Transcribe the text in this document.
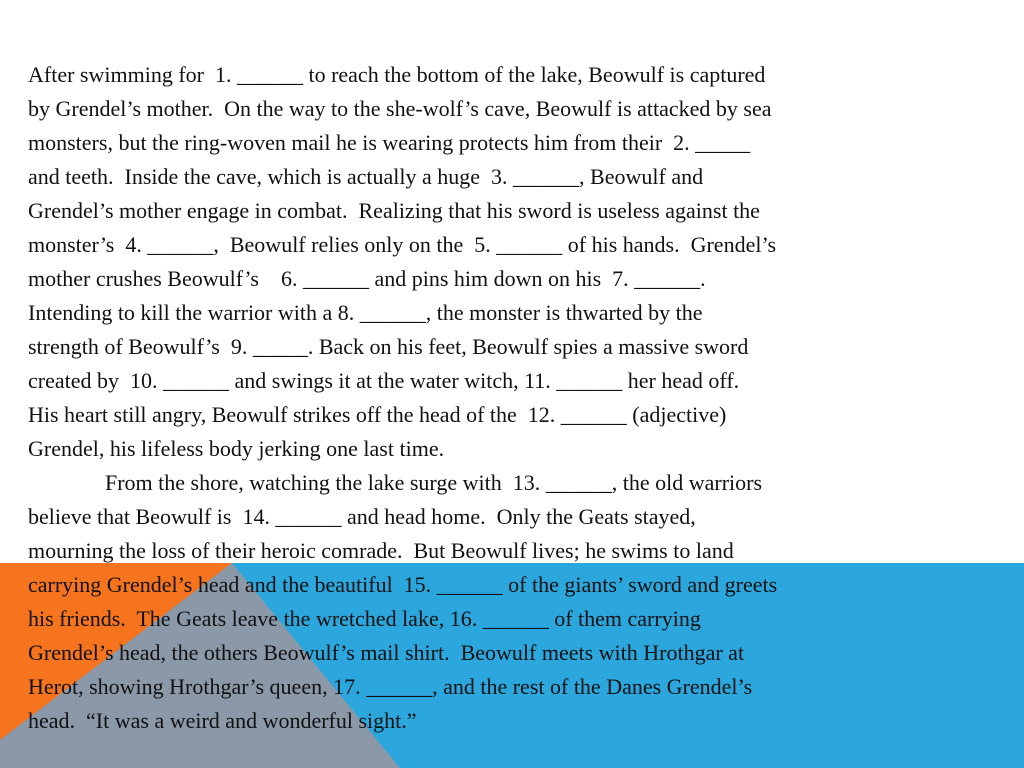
After swimming for  1. ______ to reach the bottom of the lake, Beowulf is captured
by Grendel’s mother.  On the way to the she-wolf’s cave, Beowulf is attacked by sea
monsters, but the ring-woven mail he is wearing protects him from their  2. _____
and teeth.  Inside the cave, which is actually a huge  3. ______, Beowulf and
Grendel’s mother engage in combat.  Realizing that his sword is useless against the
monster’s  4. ______,  Beowulf relies only on the  5. ______ of his hands.  Grendel’s
mother crushes Beowulf’s    6. ______ and pins him down on his  7. ______.
Intending to kill the warrior with a 8. ______, the monster is thwarted by the
strength of Beowulf’s  9. _____. Back on his feet, Beowulf spies a massive sword
created by  10. ______ and swings it at the water witch, 11. ______ her head off.
His heart still angry, Beowulf strikes off the head of the  12. ______ (adjective)
Grendel, his lifeless body jerking one last time.
From the shore, watching the lake surge with  13. ______, the old warriors
believe that Beowulf is  14. ______ and head home.  Only the Geats stayed,
mourning the loss of their heroic comrade.  But Beowulf lives; he swims to land
carrying Grendel’s head and the beautiful  15. ______ of the giants’ sword and greets
his friends.  The Geats leave the wretched lake, 16. ______ of them carrying
Grendel’s head, the others Beowulf’s mail shirt.  Beowulf meets with Hrothgar at
Herot, showing Hrothgar’s queen, 17. ______, and the rest of the Danes Grendel’s
head.  “It was a weird and wonderful sight.”
